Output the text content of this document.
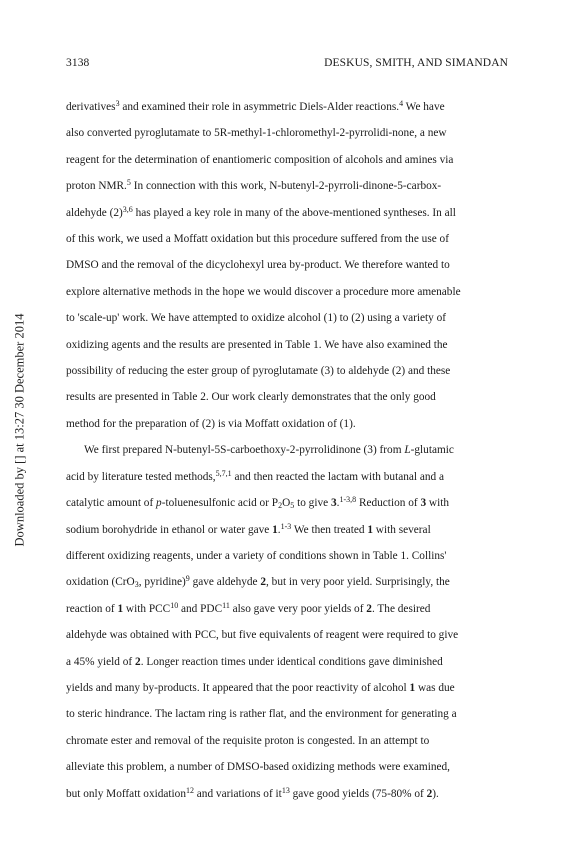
3138	DESKUS, SMITH, AND SIMANDAN
Downloaded by [] at 13:27 30 December 2014
derivatives$^3$ and examined their role in asymmetric Diels-Alder reactions.$^4$ We have
also converted pyroglutamate to 5R-methyl-1-chloromethyl-2-pyrrolidi-none, a new
reagent for the determination of enantiomeric composition of alcohols and amines via
proton NMR.$^5$ In connection with this work, N-butenyl-2-pyrroli-dinone-5-carbox-
aldehyde $(2)^{3,6}$ has played a key role in many of the above-mentioned syntheses. In all
of this work, we used a Moffatt oxidation but this procedure suffered from the use of
DMSO and the removal of the dicyclohexyl urea by-product. We therefore wanted to
explore alternative methods in the hope we would discover a procedure more amenable
to 'scale-up' work. We have attempted to oxidize alcohol (1) to (2) using a variety of
oxidizing agents and the results are presented in Table 1. We have also examined the
possibility of reducing the ester group of pyroglutamate (3) to aldehyde (2) and these
results are presented in Table 2. Our work clearly demonstrates that the only good
method for the preparation of (2) is via Moffatt oxidation of (1).
We first prepared N-butenyl-5S-carboethoxy-2-pyrrolidinone (3) from L-glutamic
acid by literature tested methods,$^{5,7,1}$ and then reacted the lactam with butanal and a
catalytic amount of p-toluenesulfonic acid or $P_2O_5$ to give 3.$^{1-3,8}$ Reduction of 3 with
sodium borohydride in ethanol or water gave 1.$^{1-3}$ We then treated 1 with several
different oxidizing reagents, under a variety of conditions shown in Table 1. Collins'
oxidation (CrO$_3$, pyridine)$^9$ gave aldehyde 2, but in very poor yield. Surprisingly, the
reaction of 1 with PCC$^{10}$ and PDC$^{11}$ also gave very poor yields of 2. The desired
aldehyde was obtained with PCC, but five equivalents of reagent were required to give
a 45% yield of 2. Longer reaction times under identical conditions gave diminished
yields and many by-products. It appeared that the poor reactivity of alcohol 1 was due
to steric hindrance. The lactam ring is rather flat, and the environment for generating a
chromate ester and removal of the requisite proton is congested. In an attempt to
alleviate this problem, a number of DMSO-based oxidizing methods were examined,
but only Moffatt oxidation$^{12}$ and variations of $it^{13}$ gave good yields (75-80% of 2).
